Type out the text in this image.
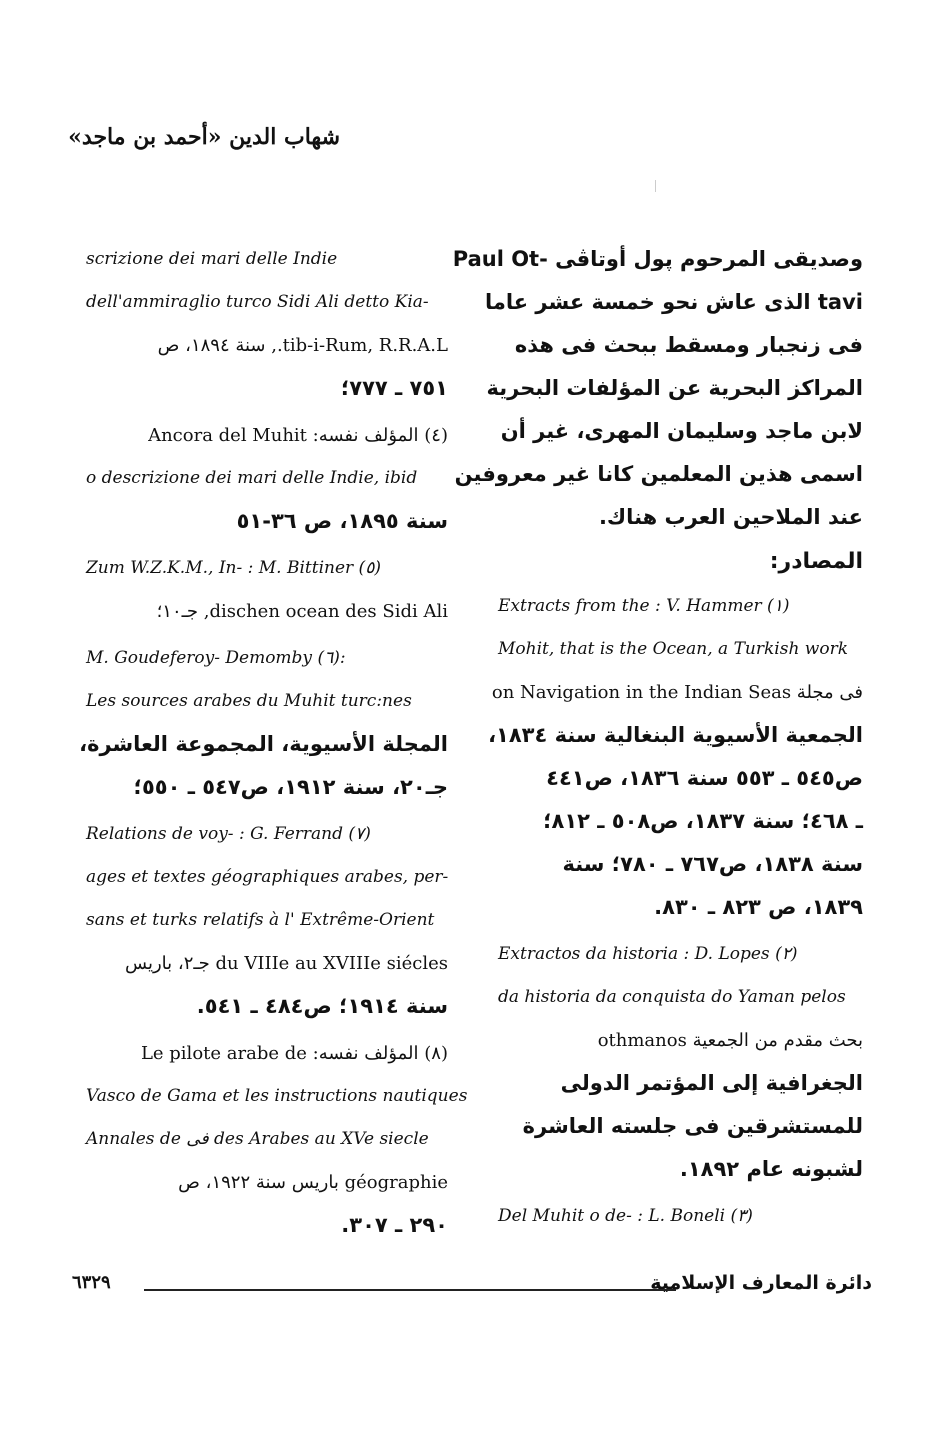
شهاب الدين «أحمد بن ماجد»
وصديقى المرحوم پول أوتاڤى -Paul Ot
tavi الذى عاش نحو خمسة عشر عاما
فى زنجبار ومسقط ببحث فى هذه
المراكز البحرية عن المؤلفات البحرية
لابن ماجد وسليمان المهرى، غير أن
اسمى هذين المعلمين كانا غير معروفين
عند الملاحين العرب هناك.
المصادر:
Extracts from the : V. Hammer (١)
Mohit, that is the Ocean, a Turkish work
فى مجلة on Navigation in the Indian Seas
الجمعية الأسيوية البنغالية سنة ١٨٣٤،
ص٥٤٥ ـ ٥٥٣ سنة ١٨٣٦، ص٤٤١
ـ ٤٦٨؛ سنة ١٨٣٧، ص٥٠٨ ـ ٨١٢؛
سنة ١٨٣٨، ص٧٦٧ ـ ٧٨٠؛ سنة
١٨٣٩، ص ٨٢٣ ـ ٨٣٠.
Extractos da historia : D. Lopes (٢)
da historia da conquista do Yaman pelos
بحث مقدم من الجمعية othmanos
الجغرافية إلى المؤتمر الدولى
للمستشرقين فى جلسته العاشرة
لشبونه عام ١٨٩٢.
Del Muhit o de- : L. Boneli (٣)
scrizione dei mari delle Indie
dell'ammiraglio turco Sidi Ali detto Kia-
tib-i-Rum, R.R.A.L., سنة ١٨٩٤، ص
٧٥١ ـ ٧٧٧؛
(٤) المؤلف نفسه: Ancora del Muhit
o descrizione dei mari delle Indie, ibid
سنة ١٨٩٥، ص ٣٦-٥١
Zum W.Z.K.M., In- : M. Bittiner (٥)
dischen ocean des Sidi Ali, جـ١٠؛
M. Goudeferoy- Demomby (٦):
Les sources arabes du Muhit turc:nes
المجلة الأسيوية، المجموعة العاشرة،
جـ٢٠، سنة ١٩١٢، ص٥٤٧ ـ ٥٥٠؛
Relations de voy- : G. Ferrand (٧)
ages et textes géographiques arabes, per-
sans et turks relatifs à l' Extrême-Orient
du VIIIe au XVIIIe siécles جـ٢، باريس
سنة ١٩١٤؛ ص٤٨٤ ـ ٥٤١.
(٨) المؤلف نفسه: Le pilote arabe de
Vasco de Gama et les instructions nautiques
Annales de فى des Arabes au XVe siecle
géographie باريس سنة ١٩٢٢، ص
٢٩٠ ـ ٣٠٧.
دائرة المعارف الإسلامية
٦٣٢٩
